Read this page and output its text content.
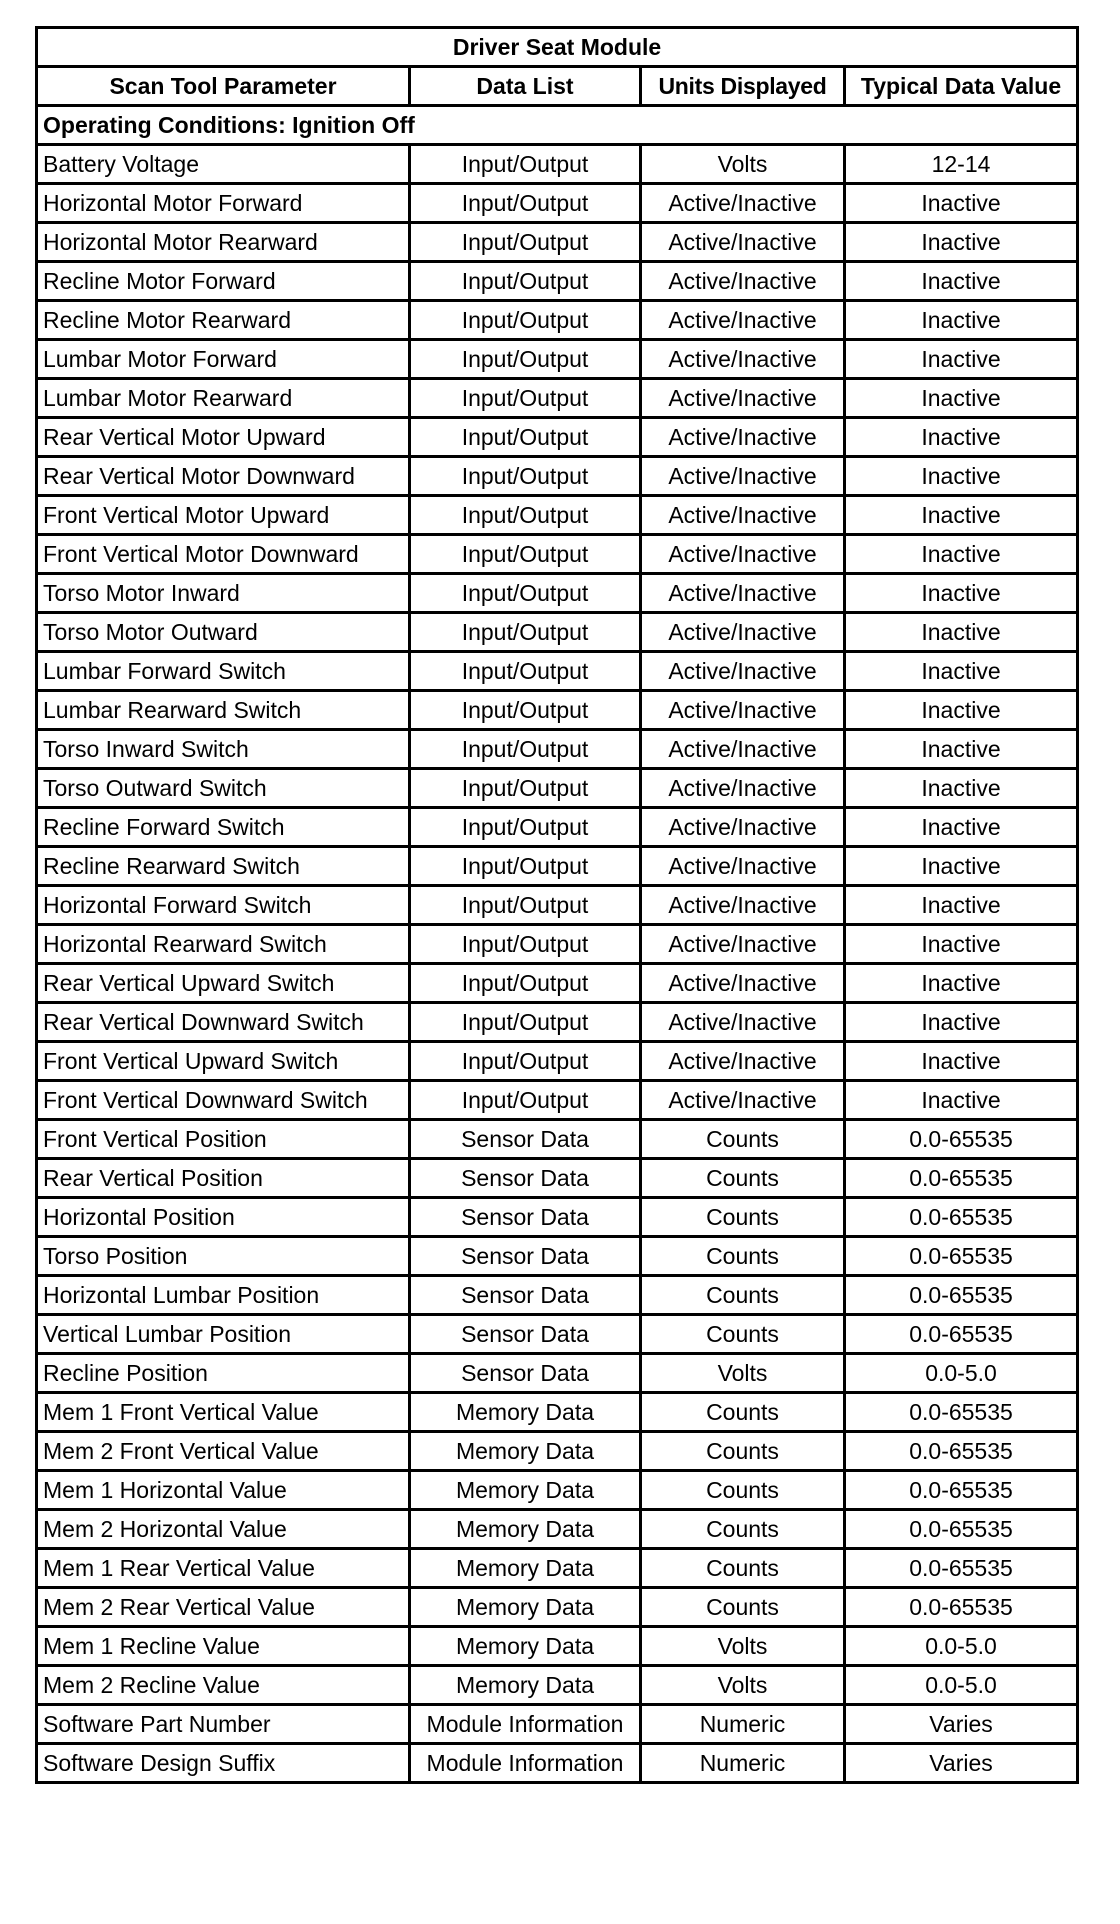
Driver Seat Module			
Scan Tool Parameter	Data List	Units Displayed	Typical Data Value
Operating Conditions: Ignition Off			
Battery Voltage	Input/Output	Volts	12-14
Horizontal Motor Forward	Input/Output	Active/Inactive	Inactive
Horizontal Motor Rearward	Input/Output	Active/Inactive	Inactive
Recline Motor Forward	Input/Output	Active/Inactive	Inactive
Recline Motor Rearward	Input/Output	Active/Inactive	Inactive
Lumbar Motor Forward	Input/Output	Active/Inactive	Inactive
Lumbar Motor Rearward	Input/Output	Active/Inactive	Inactive
Rear Vertical Motor Upward	Input/Output	Active/Inactive	Inactive
Rear Vertical Motor Downward	Input/Output	Active/Inactive	Inactive
Front Vertical Motor Upward	Input/Output	Active/Inactive	Inactive
Front Vertical Motor Downward	Input/Output	Active/Inactive	Inactive
Torso Motor Inward	Input/Output	Active/Inactive	Inactive
Torso Motor Outward	Input/Output	Active/Inactive	Inactive
Lumbar Forward Switch	Input/Output	Active/Inactive	Inactive
Lumbar Rearward Switch	Input/Output	Active/Inactive	Inactive
Torso Inward Switch	Input/Output	Active/Inactive	Inactive
Torso Outward Switch	Input/Output	Active/Inactive	Inactive
Recline Forward Switch	Input/Output	Active/Inactive	Inactive
Recline Rearward Switch	Input/Output	Active/Inactive	Inactive
Horizontal Forward Switch	Input/Output	Active/Inactive	Inactive
Horizontal Rearward Switch	Input/Output	Active/Inactive	Inactive
Rear Vertical Upward Switch	Input/Output	Active/Inactive	Inactive
Rear Vertical Downward Switch	Input/Output	Active/Inactive	Inactive
Front Vertical Upward Switch	Input/Output	Active/Inactive	Inactive
Front Vertical Downward Switch	Input/Output	Active/Inactive	Inactive
Front Vertical Position	Sensor Data	Counts	0.0-65535
Rear Vertical Position	Sensor Data	Counts	0.0-65535
Horizontal Position	Sensor Data	Counts	0.0-65535
Torso Position	Sensor Data	Counts	0.0-65535
Horizontal Lumbar Position	Sensor Data	Counts	0.0-65535
Vertical Lumbar Position	Sensor Data	Counts	0.0-65535
Recline Position	Sensor Data	Volts	0.0-5.0
Mem 1 Front Vertical Value	Memory Data	Counts	0.0-65535
Mem 2 Front Vertical Value	Memory Data	Counts	0.0-65535
Mem 1 Horizontal Value	Memory Data	Counts	0.0-65535
Mem 2 Horizontal Value	Memory Data	Counts	0.0-65535
Mem 1 Rear Vertical Value	Memory Data	Counts	0.0-65535
Mem 2 Rear Vertical Value	Memory Data	Counts	0.0-65535
Mem 1 Recline Value	Memory Data	Volts	0.0-5.0
Mem 2 Recline Value	Memory Data	Volts	0.0-5.0
Software Part Number	Module Information	Numeric	Varies
Software Design Suffix	Module Information	Numeric	Varies
